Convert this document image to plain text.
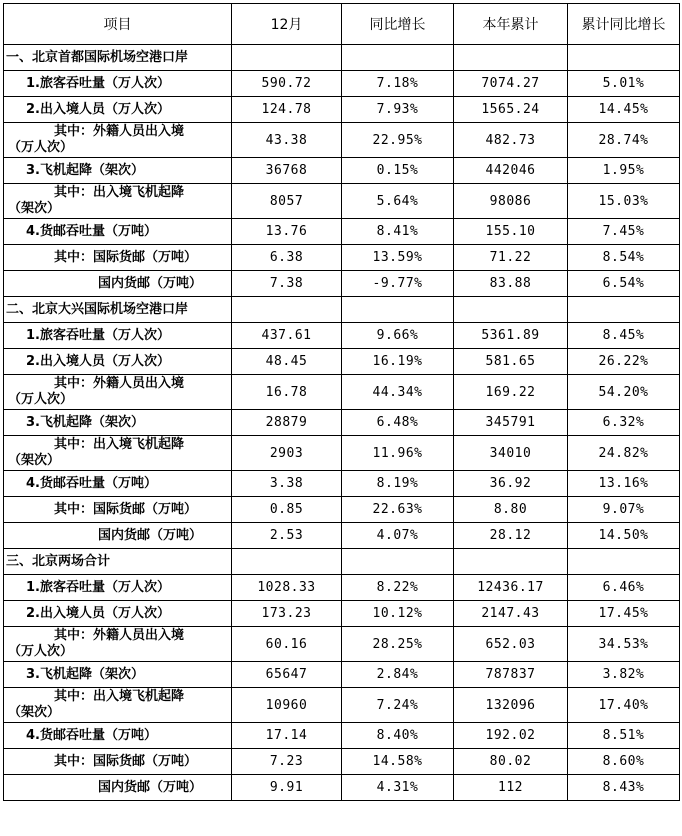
项目	12月	同比增长	本年累计	累计同比增长
一、北京首都国际机场空港口岸				
1.旅客吞吐量（万人次）	590.72	7.18%	7074.27	5.01%
2.出入境人员（万人次）	124.78	7.93%	1565.24	14.45%

其中：外籍人员出入境
（万人次）	43.38	22.95%	482.73	28.74%
3.飞机起降（架次）	36768	0.15%	442046	1.95%

其中：出入境飞机起降
（架次）	8057	5.64%	98086	15.03%
4.货邮吞吐量（万吨）	13.76	8.41%	155.10	7.45%
其中：国际货邮（万吨）	6.38	13.59%	71.22	8.54%
国内货邮（万吨）	7.38	-9.77%	83.88	6.54%
二、北京大兴国际机场空港口岸				
1.旅客吞吐量（万人次）	437.61	9.66%	5361.89	8.45%
2.出入境人员（万人次）	48.45	16.19%	581.65	26.22%

其中：外籍人员出入境
（万人次）	16.78	44.34%	169.22	54.20%
3.飞机起降（架次）	28879	6.48%	345791	6.32%

其中：出入境飞机起降
（架次）	2903	11.96%	34010	24.82%
4.货邮吞吐量（万吨）	3.38	8.19%	36.92	13.16%
其中：国际货邮（万吨）	0.85	22.63%	8.80	9.07%
国内货邮（万吨）	2.53	4.07%	28.12	14.50%
三、北京两场合计				
1.旅客吞吐量（万人次）	1028.33	8.22%	12436.17	6.46%
2.出入境人员（万人次）	173.23	10.12%	2147.43	17.45%

其中：外籍人员出入境
（万人次）	60.16	28.25%	652.03	34.53%
3.飞机起降（架次）	65647	2.84%	787837	3.82%

其中：出入境飞机起降
（架次）	10960	7.24%	132096	17.40%
4.货邮吞吐量（万吨）	17.14	8.40%	192.02	8.51%
其中：国际货邮（万吨）	7.23	14.58%	80.02	8.60%
国内货邮（万吨）	9.91	4.31%	112	8.43%
